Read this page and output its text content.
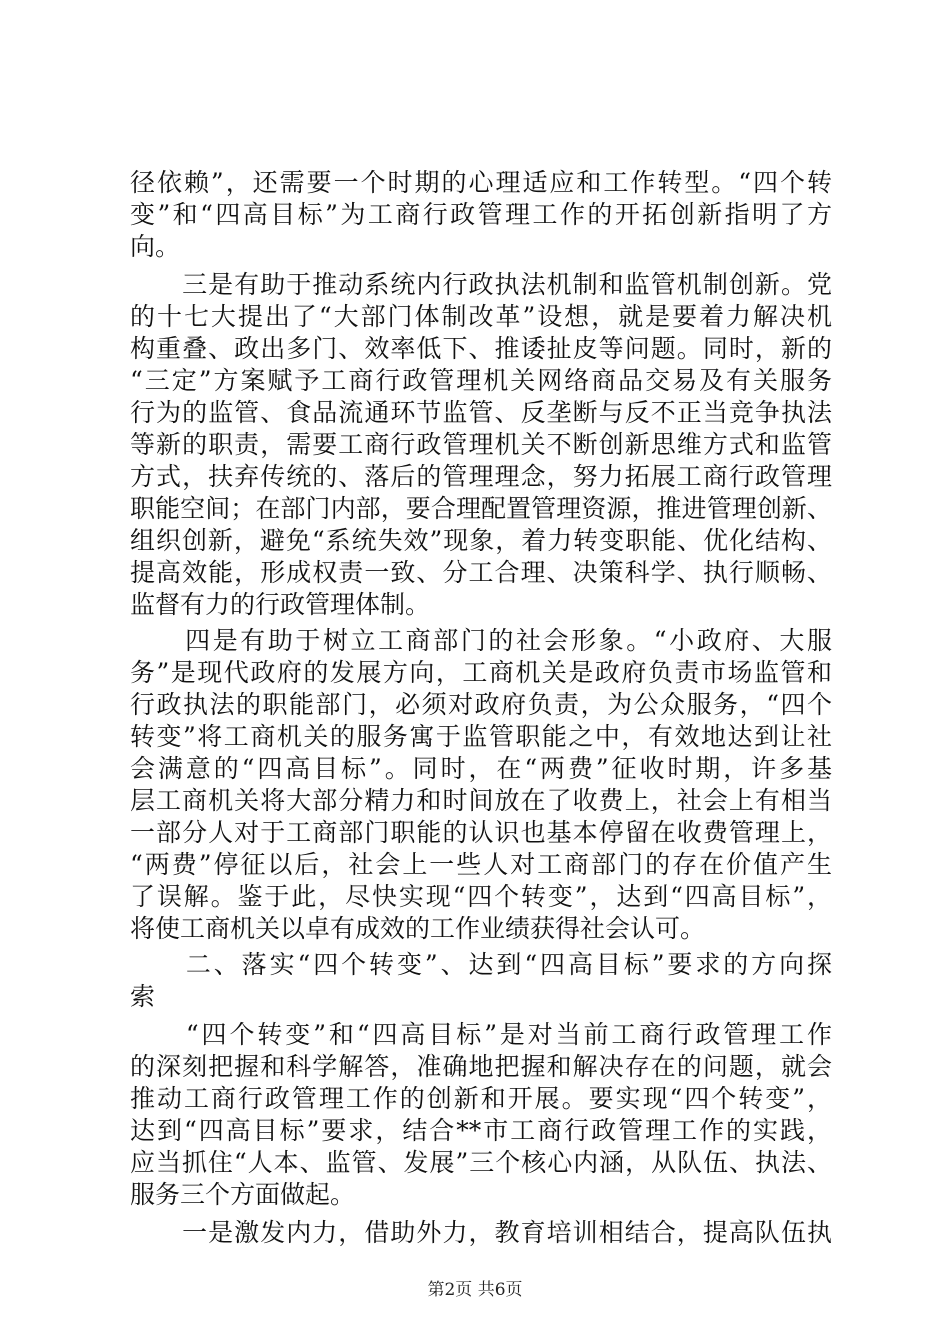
径依赖”，还需要一个时期的心理适应和工作转型。“四个转
变”和“四高目标”为工商行政管理工作的开拓创新指明了方
向。
　　三是有助于推动系统内行政执法机制和监管机制创新。党
的十七大提出了“大部门体制改革”设想，就是要着力解决机
构重叠、政出多门、效率低下、推诿扯皮等问题。同时，新的
“三定”方案赋予工商行政管理机关网络商品交易及有关服务
行为的监管、食品流通环节监管、反垄断与反不正当竞争执法
等新的职责，需要工商行政管理机关不断创新思维方式和监管
方式，扶弃传统的、落后的管理理念，努力拓展工商行政管理
职能空间；在部门内部，要合理配置管理资源，推进管理创新、
组织创新，避免“系统失效”现象，着力转变职能、优化结构、
提高效能，形成权责一致、分工合理、决策科学、执行顺畅、
监督有力的行政管理体制。
　　四是有助于树立工商部门的社会形象。“小政府、大服
务”是现代政府的发展方向，工商机关是政府负责市场监管和
行政执法的职能部门，必须对政府负责，为公众服务，“四个
转变”将工商机关的服务寓于监管职能之中，有效地达到让社
会满意的“四高目标”。同时，在“两费”征收时期，许多基
层工商机关将大部分精力和时间放在了收费上，社会上有相当
一部分人对于工商部门职能的认识也基本停留在收费管理上，
“两费”停征以后，社会上一些人对工商部门的存在价值产生
了误解。鉴于此，尽快实现“四个转变”，达到“四高目标”，
将使工商机关以卓有成效的工作业绩获得社会认可。
　　二、落实“四个转变”、达到“四高目标”要求的方向探
索
　　“四个转变”和“四高目标”是对当前工商行政管理工作
的深刻把握和科学解答，准确地把握和解决存在的问题，就会
推动工商行政管理工作的创新和开展。要实现“四个转变”，
达到“四高目标”要求，结合**市工商行政管理工作的实践，
应当抓住“人本、监管、发展”三个核心内涵，从队伍、执法、
服务三个方面做起。
　　一是激发内力，借助外力，教育培训相结合，提高队伍执
第2页 共6页
